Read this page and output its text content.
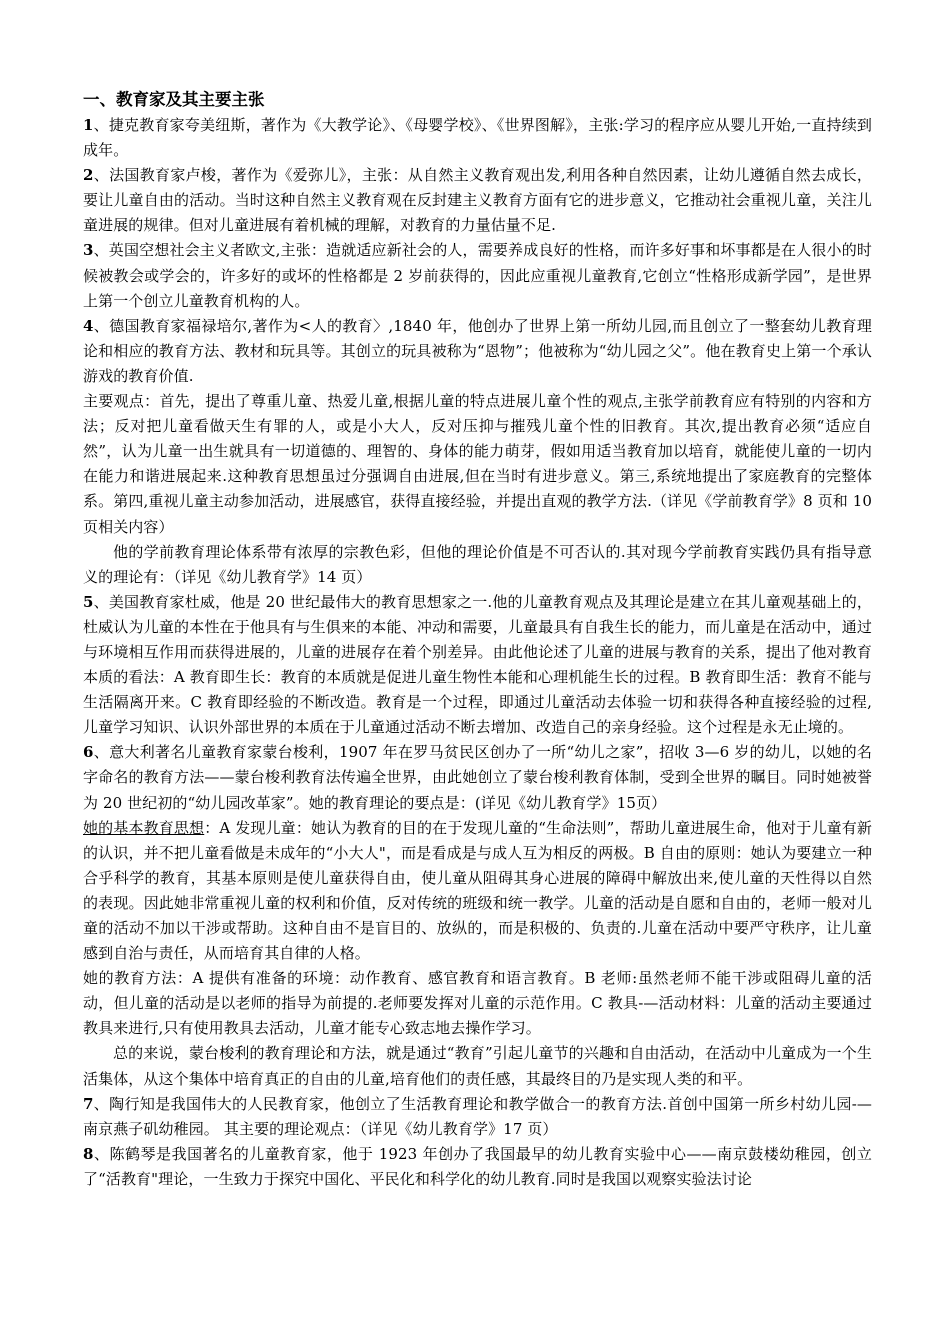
一、教育家及其主要主张

1、捷克教育家夸美纽斯，著作为《大教学论》、《母婴学校》、《世界图解》，主张:学习的程序应从婴儿开始,一直持续到成年。

2、法国教育家卢梭，著作为《爱弥儿》，主张：从自然主义教育观出发,利用各种自然因素，让幼儿遵循自然去成长，要让儿童自由的活动。当时这种自然主义教育观在反封建主义教育方面有它的进步意义，它推动社会重视儿童，关注儿童进展的规律。但对儿童进展有着机械的理解，对教育的力量估量不足.

3、英国空想社会主义者欧文,主张：造就适应新社会的人，需要养成良好的性格，而许多好事和坏事都是在人很小的时候被教会或学会的，许多好的或坏的性格都是 2 岁前获得的，因此应重视儿童教育,它创立“性格形成新学园”，是世界上第一个创立儿童教育机构的人。

4、德国教育家福禄培尔,著作为<人的教育〉,1840 年，他创办了世界上第一所幼儿园,而且创立了一整套幼儿教育理论和相应的教育方法、教材和玩具等。其创立的玩具被称为“恩物”；他被称为“幼儿园之父”。他在教育史上第一个承认游戏的教育价值.

主要观点：首先，提出了尊重儿童、热爱儿童,根据儿童的特点进展儿童个性的观点,主张学前教育应有特别的内容和方法；反对把儿童看做天生有罪的人，或是小大人，反对压抑与摧残儿童个性的旧教育。其次,提出教育必须“适应自然”，认为儿童一出生就具有一切道德的、理智的、身体的能力萌芽，假如用适当教育加以培育，就能使儿童的一切内在能力和谐进展起来.这种教育思想虽过分强调自由进展,但在当时有进步意义。第三,系统地提出了家庭教育的完整体系。第四,重视儿童主动参加活动，进展感官，获得直接经验，并提出直观的教学方法.（详见《学前教育学》8 页和 10 页相关内容）

他的学前教育理论体系带有浓厚的宗教色彩，但他的理论价值是不可否认的.其对现今学前教育实践仍具有指导意义的理论有：（详见《幼儿教育学》14 页）

5、美国教育家杜威，他是 20 世纪最伟大的教育思想家之一.他的儿童教育观点及其理论是建立在其儿童观基础上的，杜威认为儿童的本性在于他具有与生俱来的本能、冲动和需要，儿童最具有自我生长的能力，而儿童是在活动中，通过与环境相互作用而获得进展的，儿童的进展存在着个别差异。由此他论述了儿童的进展与教育的关系，提出了他对教育本质的看法：A 教育即生长：教育的本质就是促进儿童生物性本能和心理机能生长的过程。B 教育即生活：教育不能与生活隔离开来。C 教育即经验的不断改造。教育是一个过程，即通过儿童活动去体验一切和获得各种直接经验的过程,儿童学习知识、认识外部世界的本质在于儿童通过活动不断去增加、改造自己的亲身经验。这个过程是永无止境的。

6、意大利著名儿童教育家蒙台梭利，1907 年在罗马贫民区创办了一所“幼儿之家”，招收 3—6 岁的幼儿，以她的名字命名的教育方法——蒙台梭利教育法传遍全世界，由此她创立了蒙台梭利教育体制，受到全世界的瞩目。同时她被誉为 20 世纪初的“幼儿园改革家”。她的教育理论的要点是：(详见《幼儿教育学》15页）

她的基本教育思想：A 发现儿童：她认为教育的目的在于发现儿童的“生命法则”，帮助儿童进展生命，他对于儿童有新的认识，并不把儿童看做是未成年的“小大人"，而是看成是与成人互为相反的两极。B 自由的原则：她认为要建立一种合乎科学的教育，其基本原则是使儿童获得自由，使儿童从阻碍其身心进展的障碍中解放出来,使儿童的天性得以自然的表现。因此她非常重视儿童的权利和价值，反对传统的班级和统一教学。儿童的活动是自愿和自由的，老师一般对儿童的活动不加以干涉或帮助。这种自由不是盲目的、放纵的，而是积极的、负责的.儿童在活动中要严守秩序，让儿童感到自治与责任，从而培育其自律的人格。

她的教育方法：A 提供有准备的环境：动作教育、感官教育和语言教育。B 老师:虽然老师不能干涉或阻碍儿童的活动，但儿童的活动是以老师的指导为前提的.老师要发挥对儿童的示范作用。C 教具-—活动材料：儿童的活动主要通过教具来进行,只有使用教具去活动，儿童才能专心致志地去操作学习。

总的来说，蒙台梭利的教育理论和方法，就是通过“教育”引起儿童节的兴趣和自由活动，在活动中儿童成为一个生活集体，从这个集体中培育真正的自由的儿童,培育他们的责任感，其最终目的乃是实现人类的和平。

7、陶行知是我国伟大的人民教育家，他创立了生活教育理论和教学做合一的教育方法.首创中国第一所乡村幼儿园-—南京燕子矶幼稚园。 其主要的理论观点：（详见《幼儿教育学》17 页）

8、陈鹤琴是我国著名的儿童教育家，他于 1923 年创办了我国最早的幼儿教育实验中心——南京鼓楼幼稚园，创立了“活教育"理论，一生致力于探究中国化、平民化和科学化的幼儿教育.同时是我国以观察实验法讨论
